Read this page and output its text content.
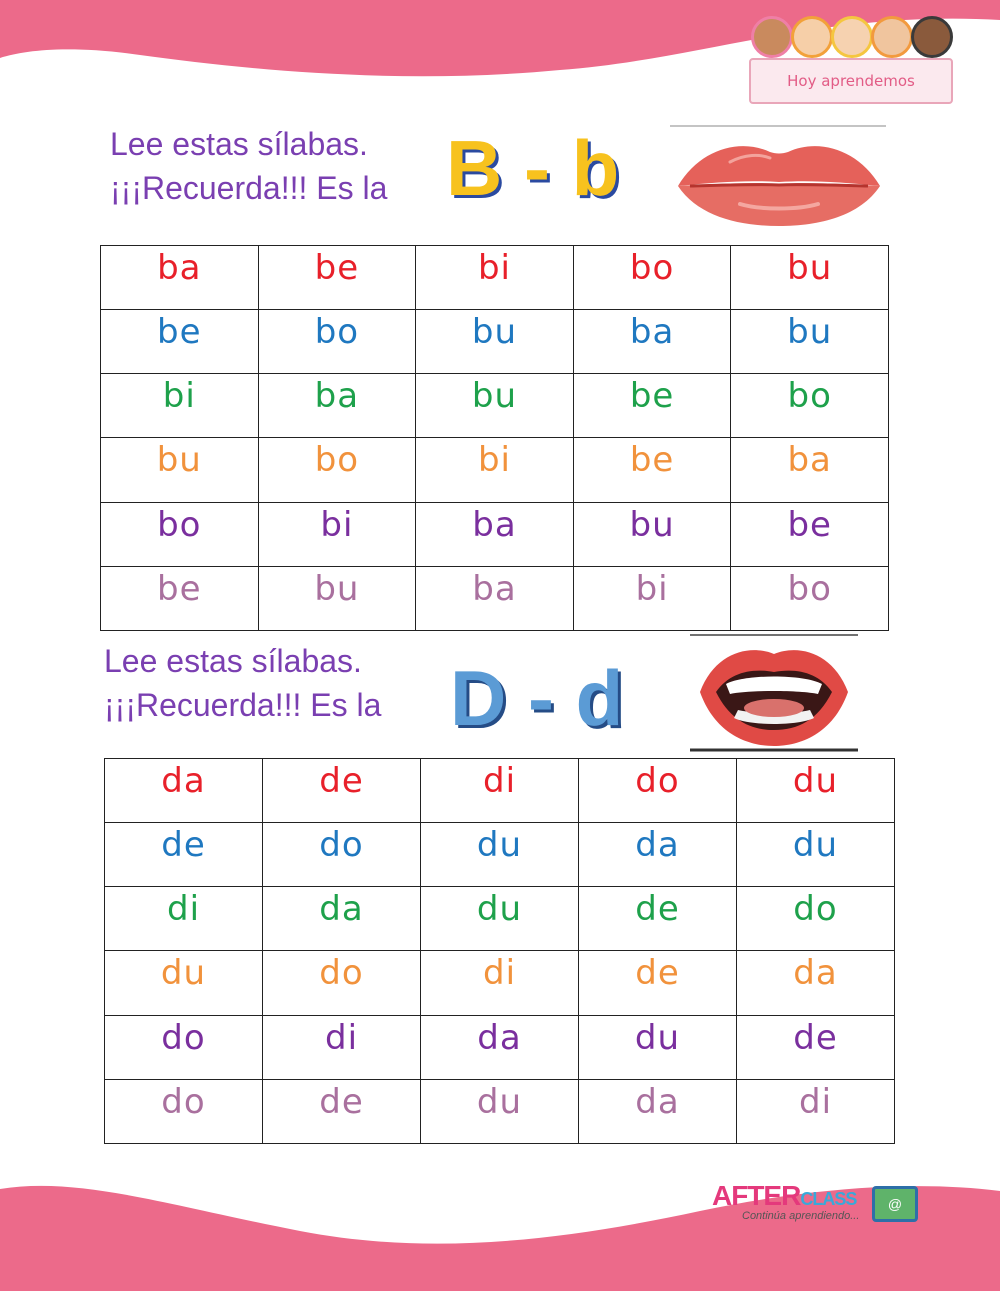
Hoy aprendemos

Lee estas sílabas.

¡¡¡Recuerda!!! Es la B - b
ba	be	bi	bo	bu
be	bo	bu	ba	bu
bi	ba	bu	be	bo
bu	bo	bi	be	ba
bo	bi	ba	bu	be
be	bu	ba	bi	bo

Lee estas sílabas.

¡¡¡Recuerda!!! Es la D - d
da	de	di	do	du
de	do	du	da	du
di	da	du	de	do
du	do	di	de	da
do	di	da	du	de
do	de	du	da	di
AFTERCLASS
Continúa aprendiendo...
@
